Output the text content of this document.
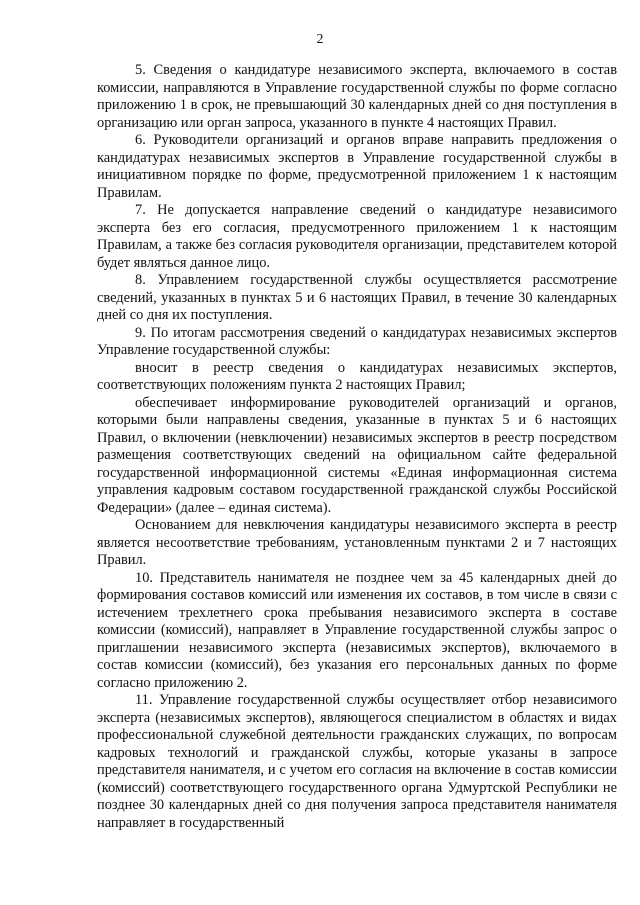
2

5. Сведения о кандидатуре независимого эксперта, включаемого в состав комиссии, направляются в Управление государственной службы по форме согласно приложению 1 в срок, не превышающий 30 календарных дней со дня поступления в организацию или орган запроса, указанного в пункте 4 настоящих Правил.

6. Руководители организаций и органов вправе направить предложения о кандидатурах независимых экспертов в Управление государственной службы в инициативном порядке по форме, предусмотренной приложением 1 к настоящим Правилам.

7. Не допускается направление сведений о кандидатуре независимого эксперта без его согласия, предусмотренного приложением 1 к настоящим Правилам, а также без согласия руководителя организации, представителем которой будет являться данное лицо.

8. Управлением государственной службы осуществляется рассмотрение сведений, указанных в пунктах 5 и 6 настоящих Правил, в течение 30 календарных дней со дня их поступления.

9. По итогам рассмотрения сведений о кандидатурах независимых экспертов Управление государственной службы:

вносит в реестр сведения о кандидатурах независимых экспертов, соответствующих положениям пункта 2 настоящих Правил;

обеспечивает информирование руководителей организаций и органов, которыми были направлены сведения, указанные в пунктах 5 и 6 настоящих Правил, о включении (невключении) независимых экспертов в реестр посредством размещения соответствующих сведений на официальном сайте федеральной государственной информационной системы «Единая информационная система управления кадровым составом государственной гражданской службы Российской Федерации» (далее – единая система).

Основанием для невключения кандидатуры независимого эксперта в реестр является несоответствие требованиям, установленным пунктами 2 и 7 настоящих Правил.

10. Представитель нанимателя не позднее чем за 45 календарных дней до формирования составов комиссий или изменения их составов, в том числе в связи с истечением трехлетнего срока пребывания независимого эксперта в составе комиссии (комиссий), направляет в Управление государственной службы запрос о приглашении независимого эксперта (независимых экспертов), включаемого в состав комиссии (комиссий), без указания его персональных данных по форме согласно приложению 2.

11. Управление государственной службы осуществляет отбор независимого эксперта (независимых экспертов), являющегося специалистом в областях и видах профессиональной служебной деятельности гражданских служащих, по вопросам кадровых технологий и гражданской службы, которые указаны в запросе представителя нанимателя, и с учетом его согласия на включение в состав комиссии (комиссий) соответствующего государственного органа Удмуртской Республики не позднее 30 календарных дней со дня получения запроса представителя нанимателя направляет в государственный
